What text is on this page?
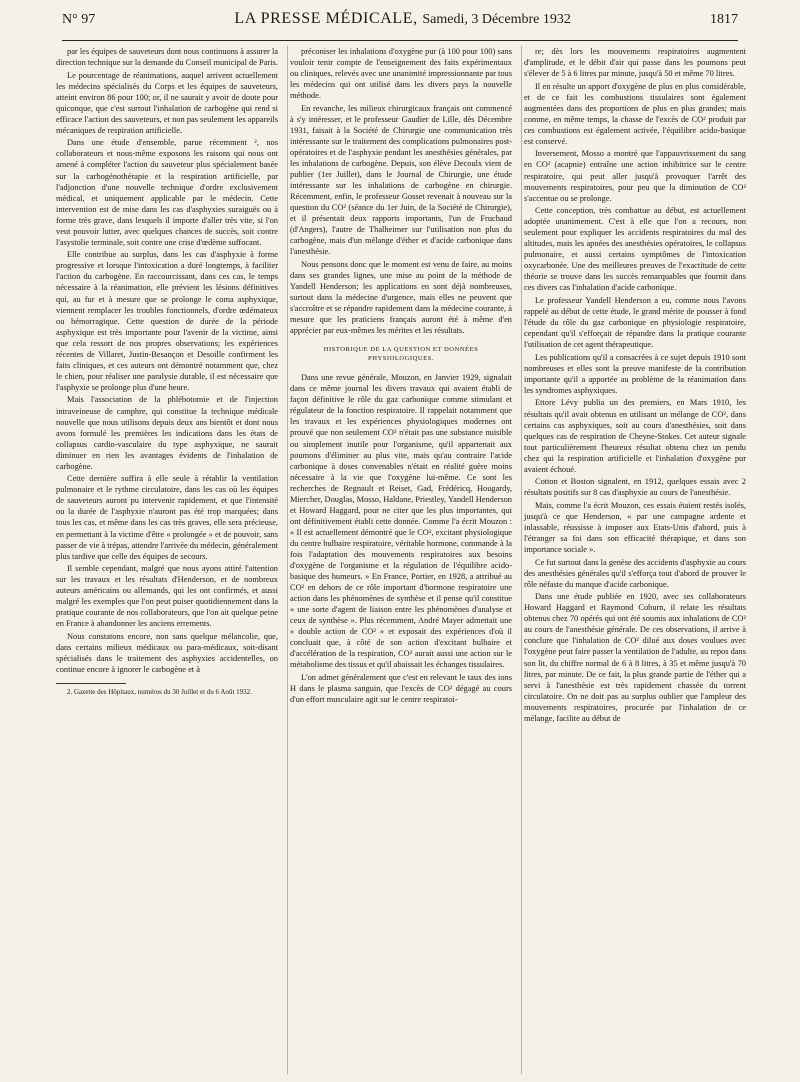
N° 97	LA PRESSE MÉDICALE, Samedi, 3 Décembre 1932	1817

par les équipes de sauveteurs dont nous continuons à assurer la direction technique sur la demande du Conseil municipal de Paris.

Le pourcentage de réanimations, auquel arrivent actuellement les médecins spécialisés du Corps et les équipes de sauveteurs, atteint environ 86 pour 100; or, il ne saurait y avoir de doute pour quiconque, que c'est surtout l'inhalation de carbogène qui rend si efficace l'action des sauveteurs, et non pas seulement les appareils mécaniques de respiration artificielle.

Dans une étude d'ensemble, parue récemment ², nos collaborateurs et nous-même exposons les raisons qui nous ont amené à compléter l'action du sauveteur plus spécialement basée sur la carbogénothérapie et la respiration artificielle, par l'adjonction d'une nouvelle technique d'ordre exclusivement médical, et uniquement applicable par le médecin. Cette intervention est de mise dans les cas d'asphyxies suraiguës ou à forme très grave, dans lesquels il importe d'aller très vite, si l'on veut pouvoir lutter, avec quelques chances de succès, soit contre l'asystolie terminale, soit contre une crise d'œdème suffocant.

Elle contribue au surplus, dans les cas d'asphyxie à forme progressive et lorsque l'intoxication a duré longtemps, à faciliter l'action du carbogène. En raccourcissant, dans ces cas, le temps nécessaire à la réanimation, elle prévient les lésions définitives qui, au fur et à mesure que se prolonge le coma asphyxique, viennent remplacer les troubles fonctionnels, d'ordre œdémateux ou hémorragique. Cette question de durée de la période asphyxique est très importante pour l'avenir de la victime, ainsi que cela ressort de nos propres observations; les expériences récentes de Villaret, Justin-Besançon et Desoille confirment les faits cliniques, et ces auteurs ont démontré notamment que, chez le chien, pour réaliser une paralysie durable, il est nécessaire que l'asphyxie se prolonge plus d'une heure.

Mais l'association de la phlébotomie et de l'injection intraveineuse de camphre, qui constitue la technique médicale nouvelle que nous utilisons depuis deux ans bientôt et dont nous avons formulé les premières les indications dans les états de collapsus cardio-vasculaire du type asphyxique, ne saurait diminuer en rien les avantages évidents de l'inhalation de carbogène.

Cette dernière suffira à elle seule à rétablir la ventilation pulmonaire et le rythme circulatoire, dans les cas où les équipes de sauveteurs auront pu intervenir rapidement, et que l'intensité ou la durée de l'asphyxie n'auront pas été trop marquées; dans tous les cas, et même dans les cas très graves, elle sera précieuse, en permettant à la victime d'être « prolongée » et de pouvoir, sans passer de vie à trépas, attendre l'arrivée du médecin, généralement plus tardive que celle des équipes de secours.

Il semble cependant, malgré que nous ayons attiré l'attention sur les travaux et les résultats d'Henderson, et de nombreux auteurs américains ou allemands, qui les ont confirmés, et aussi malgré les exemples que l'on peut puiser quotidiennement dans la pratique courante de nos collaborateurs, que l'on ait quelque peine en France à abandonner les anciens errements.

Nous constatons encore, non sans quelque mélancolie, que, dans certains milieux médicaux ou para-médicaux, soit-disant spécialisés dans le traitement des asphyxies accidentelles, on continue encore à ignorer le carbogène et à

2. Gazette des Hôpitaux, numéros du 30 Juillet et du 6 Août 1932.

préconiser les inhalations d'oxygène pur (à 100 pour 100) sans vouloir tenir compte de l'enseignement des faits expérimentaux ou cliniques, relevés avec une unanimité impressionnante par tous les médecins qui ont utilisé dans les divers pays la nouvelle méthode.

En revanche, les milieux chirurgicaux français ont commencé à s'y intéresser, et le professeur Gaudier de Lille, dès Décembre 1931, faisait à la Société de Chirurgie une communication très intéressante sur le traitement des complications pulmonaires post-opératoires et de l'asphyxie pendant les anesthésies générales, par les inhalations de carbogène. Depuis, son élève Decoulx vient de publier (1er Juillet), dans le Journal de Chirurgie, une étude intéressante sur les inhalations de carbogène en chirurgie. Récemment, enfin, le professeur Gosset revenait à nouveau sur la question du CO² (séance du 1er Juin, de la Société de Chirurgie), et il présentait deux rapports importants, l'un de Fruchaud (d'Angers), l'autre de Thalheimer sur l'utilisation non plus du carbogène, mais d'un mélange d'éther et d'acide carbonique dans l'anesthésie.

Nous pensons donc que le moment est venu de faire, au moins dans ses grandes lignes, une mise au point de la méthode de Yandell Henderson; les applications en sont déjà nombreuses, surtout dans la médecine d'urgence, mais elles ne peuvent que s'accroître et se répandre rapidement dans la médecine courante, à mesure que les praticiens français auront été à même d'en apprécier par eux-mêmes les mérites et les résultats.

HISTORIQUE DE LA QUESTION ET DONNÉES PHYSIOLOGIQUES.

Dans une revue générale, Mouzon, en Janvier 1929, signalait dans ce même journal les divers travaux qui avaient établi de façon définitive le rôle du gaz carbonique comme stimulant et régulateur de la fonction respiratoire. Il rappelait notamment que les travaux et les expériences physiologiques modernes ont prouvé que non seulement CO² n'était pas une substance nuisible ou simplement inutile pour l'organisme, qu'il appartenait aux poumons d'éliminer au plus vite, mais qu'au contraire l'acide carbonique à doses convenables n'était en réalité guère moins nécessaire à la vie que l'oxygène lui-même. Ce sont les recherches de Regnault et Reiset, Gad, Frédéricq, Hougardy, Miercher, Douglas, Mosso, Haldane, Priestley, Yandell Henderson et Howard Haggard, pour ne citer que les plus importantes, qui ont définitivement établi cette donnée. Comme l'a écrit Mouzon : « Il est actuellement démontré que le CO², excitant physiologique du centre bulbaire respiratoire, véritable hormone, commande à la fois l'adaptation des mouvements respiratoires aux besoins d'oxygène de l'organisme et la régulation de l'équilibre acido-basique des humeurs. » En France, Portier, en 1928, a attribué au CO² en dehors de ce rôle important d'hormone respiratoire une action dans les phénomènes de synthèse et il pense qu'il constitue « une sorte d'agent de liaison entre les phénomènes d'analyse et ceux de synthèse ». Plus récemment, André Mayer admettait une « double action de CO² » et exposait des expériences d'où il concluait que, à côté de son action d'excitant bulbaire et d'accélération de la respiration, CO² aurait aussi une action sur le métabolisme des tissus et qu'il abaissait les échanges tissulaires.

L'on admet généralement que c'est en relevant le taux des ions H dans le plasma sanguin, que l'excès de CO² dégagé au cours d'un effort musculaire agit sur le centre respiratoi-

re; dès lors les mouvements respiratoires augmentent d'amplitude, et le débit d'air qui passe dans les poumons peut s'élever de 5 à 6 litres par minute, jusqu'à 50 et même 70 litres.

Il en résulte un apport d'oxygène de plus en plus considérable, et de ce fait les combustions tissulaires sont également augmentées dans des proportions de plus en plus grandes; mais comme, en même temps, la chasse de l'excès de CO² produit par ces combustions est également activée, l'équilibre acido-basique est conservé.

Inversement, Mosso a montré que l'appauvrissement du sang en CO² (acapnie) entraîne une action inhibitrice sur le centre respiratoire, qui peut aller jusqu'à provoquer l'arrêt des mouvements respiratoires, pour peu que la diminution de CO² s'accentue ou se prolonge.

Cette conception, très combattue au début, est actuellement adoptée unanimement. C'est à elle que l'on a recours, non seulement pour expliquer les accidents respiratoires du mal des altitudes, mais les apnées des anesthésies opératoires, le collapsus pulmonaire, et aussi certains symptômes de l'intoxication oxycarbonée. Une des meilleures preuves de l'exactitude de cette théorie se trouve dans les succès remarquables que fournit dans ces divers cas l'inhalation d'acide carbonique.

Le professeur Yandell Henderson a eu, comme nous l'avons rappelé au début de cette étude, le grand mérite de pousser à fond l'étude du rôle du gaz carbonique en physiologie respiratoire, cependant qu'il s'efforçait de répandre dans la pratique courante l'utilisation de cet agent thérapeutique.

Les publications qu'il a consacrées à ce sujet depuis 1910 sont nombreuses et elles sont la preuve manifeste de la contribution importante qu'il a apportée au problème de la réanimation dans les syndromes asphyxiques.

Ettore Lévy publia un des premiers, en Mars 1910, les résultats qu'il avait obtenus en utilisant un mélange de CO², dans certains cas asphyxiques, soit au cours d'anesthésies, soit dans quelques cas de respiration de Cheyne-Stokes. Cet auteur signale tout particulièrement l'heureux résultat obtenu chez un pendu chez qui la respiration artificielle et l'inhalation d'oxygène pur avaient échoué.

Cotton et Boston signalent, en 1912, quelques essais avec 2 résultats positifs sur 8 cas d'asphyxie au cours de l'anesthésie.

Mais, comme l'a écrit Mouzon, ces essais étaient restés isolés, jusqu'à ce que Henderson, « par une campagne ardente et inlassable, réussisse à imposer aux Etats-Unis d'abord, puis à l'étranger sa foi dans son efficacité thérapique, et dans son importance sociale ».

Ce fut surtout dans la genèse des accidents d'asphyxie au cours des anesthésies générales qu'il s'efforça tout d'abord de prouver le rôle néfaste du manque d'acide carbonique.

Dans une étude publiée en 1920, avec ses collaborateurs Howard Haggard et Raymond Coburn, il relate les résultats obtenus chez 70 opérés qui ont été soumis aux inhalations de CO² au cours de l'anesthésie générale. De ces observations, il arrive à conclure que l'inhalation de CO² dilué aux doses voulues avec l'oxygène peut faire passer la ventilation de l'adulte, au repos dans son lit, du chiffre normal de 6 à 8 litres, à 35 et même jusqu'à 70 litres, par minute. De ce fait, la plus grande partie de l'éther qui a servi à l'anesthésie est très rapidement chassée du torrent circulatoire. On ne doit pas au surplus oublier que l'ampleur des mouvements respiratoires, procurée par l'inhalation de ce mélange, facilite au début de
